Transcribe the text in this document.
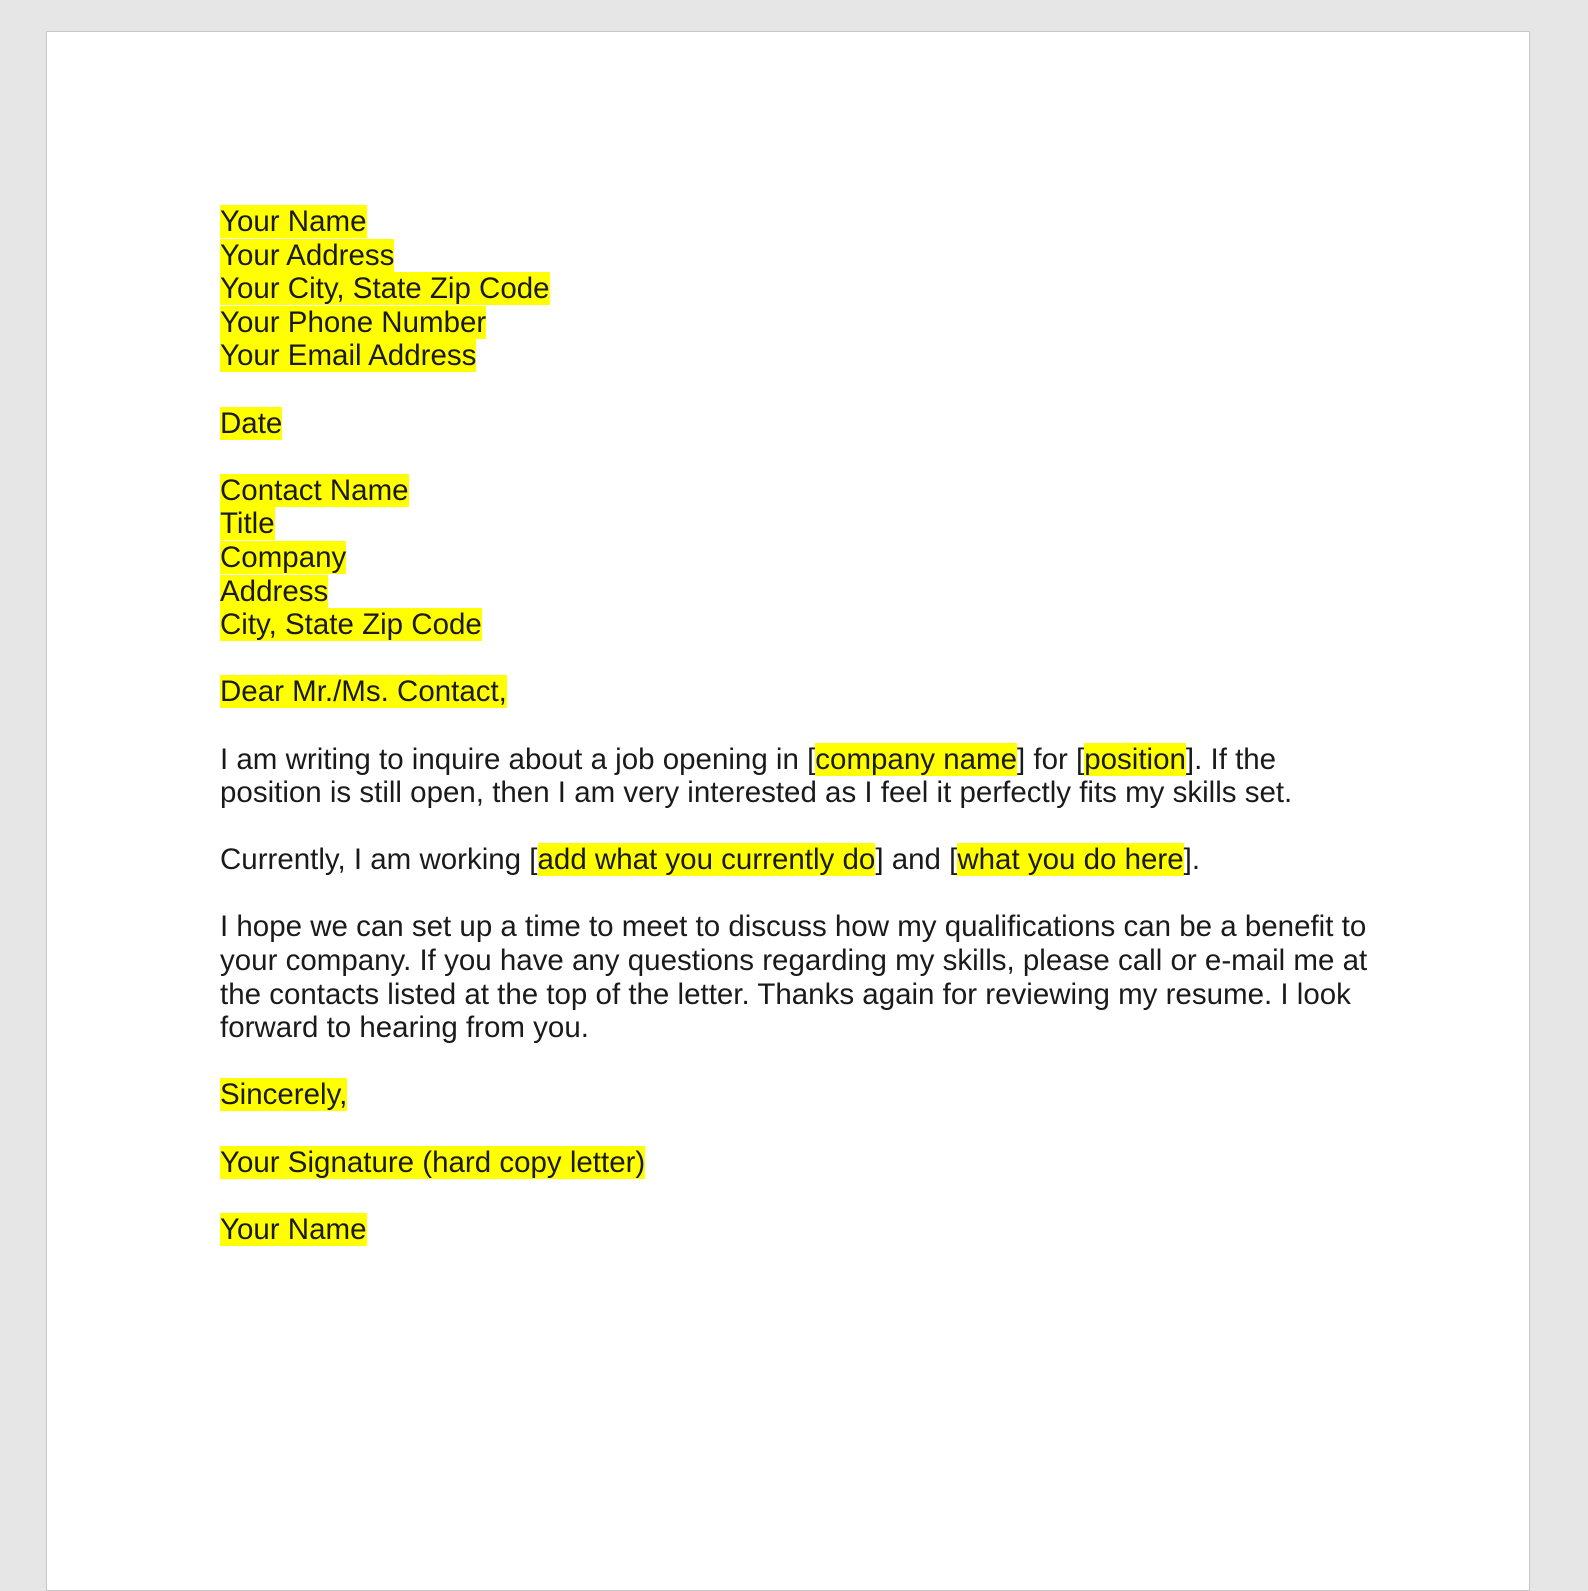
Your Name
Your Address
Your City, State Zip Code
Your Phone Number
Your Email Address
Date
Contact Name
Title
Company
Address
City, State Zip Code
Dear Mr./Ms. Contact,

I am writing to inquire about a job opening in [company name] for [position]. If the position is still open, then I am very interested as I feel it perfectly fits my skills set.

Currently, I am working [add what you currently do] and [what you do here].

I hope we can set up a time to meet to discuss how my qualifications can be a benefit to your company. If you have any questions regarding my skills, please call or e-mail me at the contacts listed at the top of the letter. Thanks again for reviewing my resume. I look forward to hearing from you.

Sincerely,
Your Signature (hard copy letter)
Your Name
